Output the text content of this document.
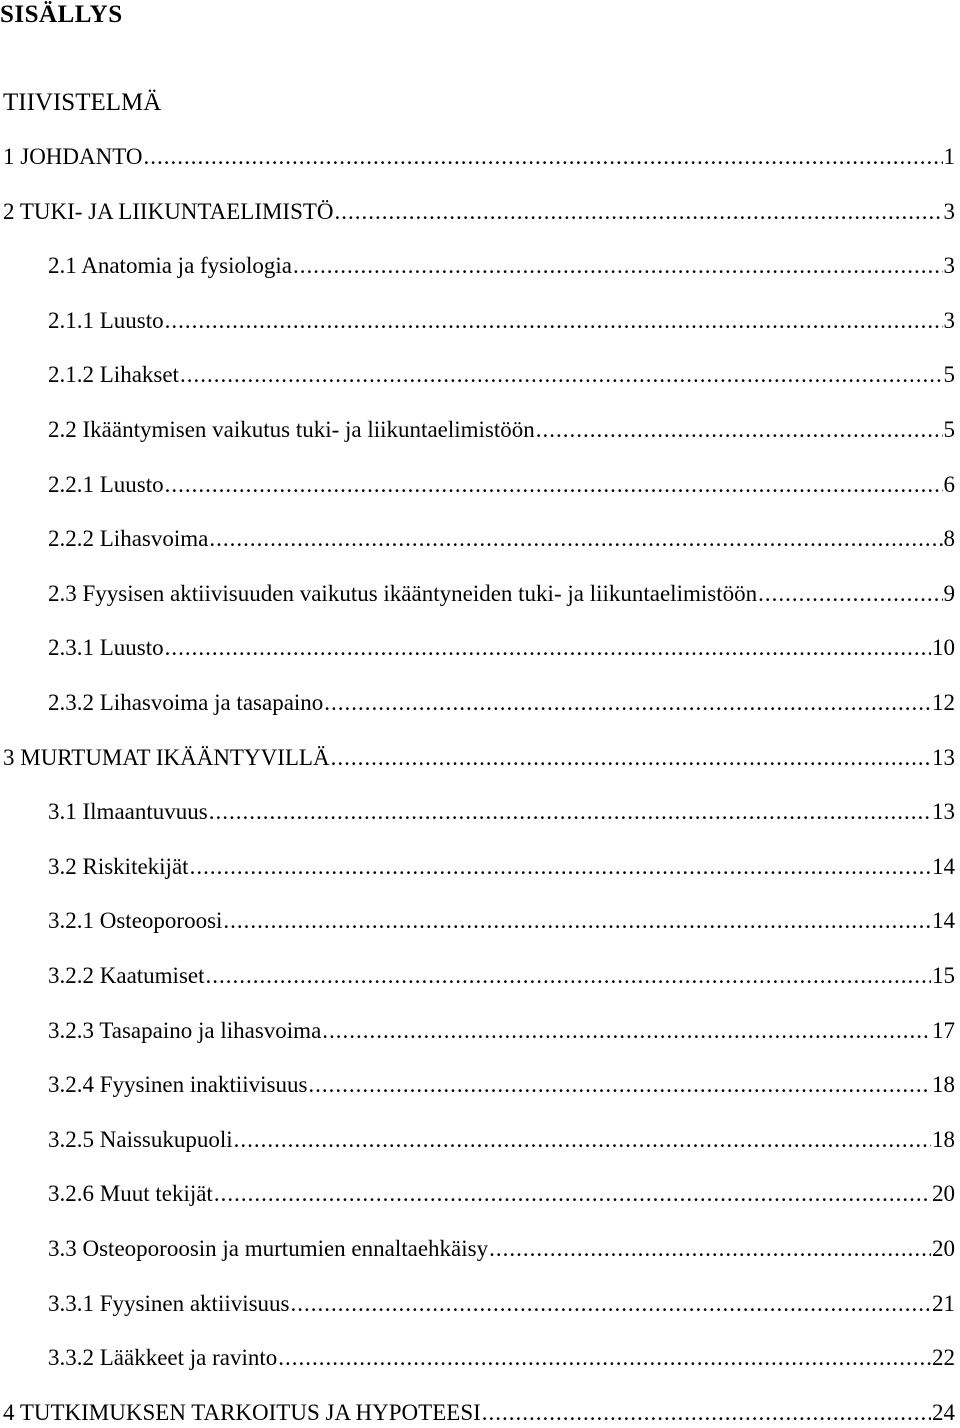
SISÄLLYS
TIIVISTELMÄ
1 JOHDANTO .....	1
2 TUKI- JA LIIKUNTAELIMISTÖ .....	3
2.1 Anatomia ja fysiologia .....	3
2.1.1 Luusto .....	3
2.1.2 Lihakset .....	5
2.2 Ikääntymisen vaikutus tuki- ja liikuntaelimistöön .....	5
2.2.1 Luusto .....	6
2.2.2 Lihasvoima .....	8
2.3 Fyysisen aktiivisuuden vaikutus ikääntyneiden tuki- ja liikuntaelimistöön .....	9
2.3.1 Luusto .....	10
2.3.2 Lihasvoima ja tasapaino .....	12
3 MURTUMAT IKÄÄNTYVILLÄ .....	13
3.1 Ilmaantuvuus .....	13
3.2 Riskitekijät .....	14
3.2.1 Osteoporoosi .....	14
3.2.2 Kaatumiset .....	15
3.2.3 Tasapaino ja lihasvoima .....	17
3.2.4 Fyysinen inaktiivisuus .....	18
3.2.5 Naissukupuoli .....	18
3.2.6 Muut tekijät .....	20
3.3 Osteoporoosin ja murtumien ennaltaehkäisy .....	20
3.3.1 Fyysinen aktiivisuus .....	21
3.3.2 Lääkkeet ja ravinto .....	22
4 TUTKIMUKSEN TARKOITUS JA HYPOTEESI .....	24
